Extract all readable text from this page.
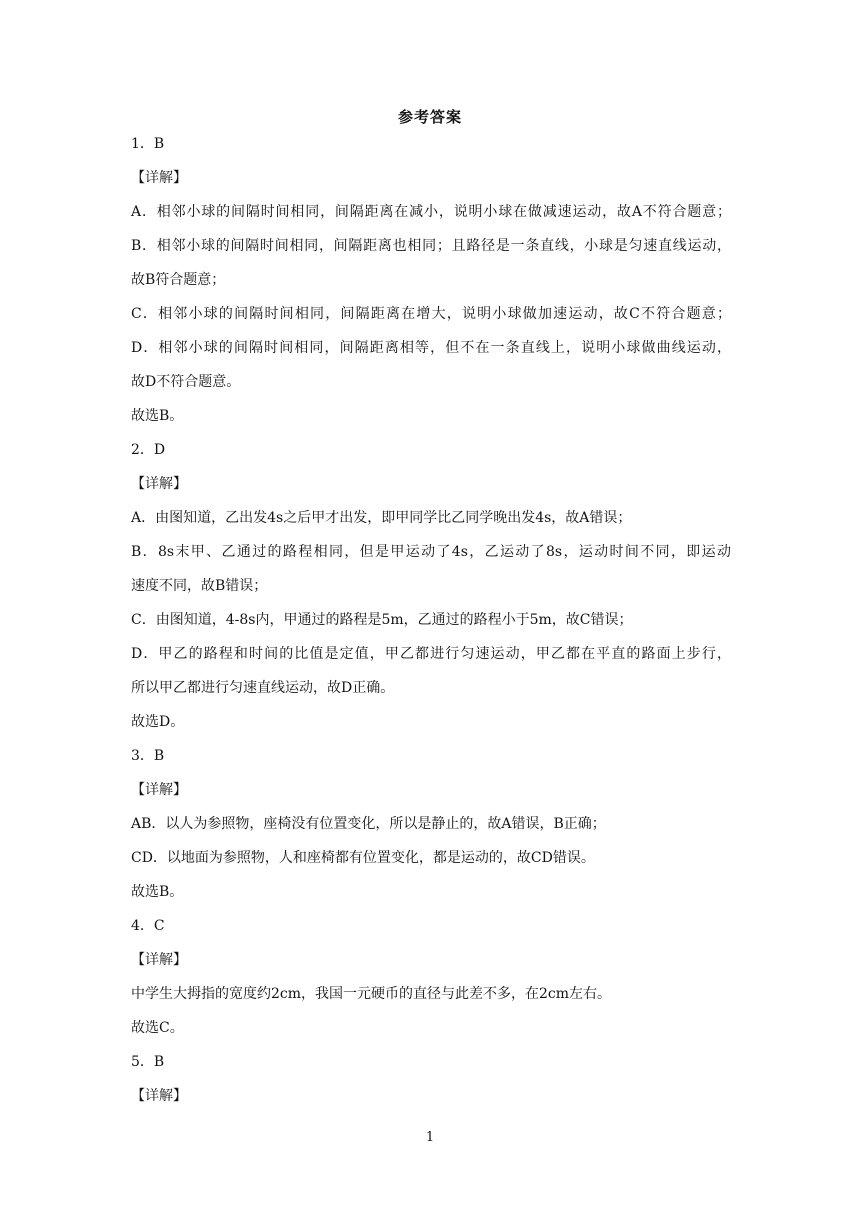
参考答案
1．B
【详解】
A．相邻小球的间隔时间相同，间隔距离在减小，说明小球在做减速运动，故A不符合题意；
B．相邻小球的间隔时间相同，间隔距离也相同；且路径是一条直线，小球是匀速直线运动，
故B符合题意；
C．相邻小球的间隔时间相同，间隔距离在增大，说明小球做加速运动，故C不符合题意；
D．相邻小球的间隔时间相同，间隔距离相等，但不在一条直线上，说明小球做曲线运动，
故D不符合题意。
故选B。
2．D
【详解】
A．由图知道，乙出发4s之后甲才出发，即甲同学比乙同学晚出发4s，故A错误；
B．8s末甲、乙通过的路程相同，但是甲运动了4s，乙运动了8s，运动时间不同，即运动
速度不同，故B错误；
C．由图知道，4-8s内，甲通过的路程是5m，乙通过的路程小于5m，故C错误；
D．甲乙的路程和时间的比值是定值，甲乙都进行匀速运动，甲乙都在平直的路面上步行，
所以甲乙都进行匀速直线运动，故D正确。
故选D。
3．B
【详解】
AB．以人为参照物，座椅没有位置变化，所以是静止的，故A错误，B正确；
CD．以地面为参照物，人和座椅都有位置变化，都是运动的，故CD错误。
故选B。
4．C
【详解】
中学生大拇指的宽度约2cm，我国一元硬币的直径与此差不多，在2cm左右。
故选C。
5．B
【详解】
1
